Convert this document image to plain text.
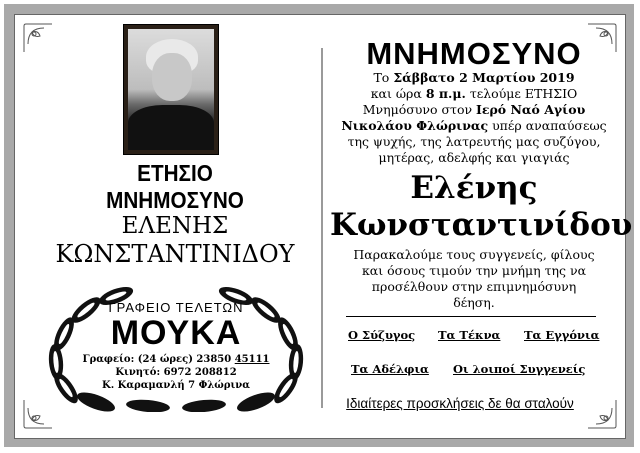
ΕΤΗΣΙΟ
ΜΝΗΜΟΣΥΝΟ
ΕΛΕΝΗΣ
ΚΩΝΣΤΑΝΤΙΝΙΔΟΥ
ΓΡΑΦΕΙΟ ΤΕΛΕΤΩΝ
ΜΟΥΚΑ
Γραφείο: (24 ώρες) 23850 45111
Κινητό: 6972 208812
Κ. Καραμανλή 7 Φλώρινα
ΜΝΗΜΟΣΥΝΟ
Το Σάββατο 2 Μαρτίου 2019
και ώρα 8 π.μ. τελούμε ΕΤΗΣΙΟ
Μνημόσυνο στον Ιερό Ναό Αγίου
Νικολάου Φλώρινας υπέρ αναπαύσεως
της ψυχής, της λατρευτής μας συζύγου,
μητέρας, αδελφής και γιαγιάς
Ελένης
Κωνσταντινίδου
Παρακαλούμε τους συγγενείς, φίλους
και όσους τιμούν την μνήμη της να
προσέλθουν στην επιμνημόσυνη
δέηση.
Ο Σύζυγος Τα Τέκνα Τα Εγγόνια
Τα Αδέλφια Οι λοιποί Συγγενείς
Ιδιαίτερες προσκλήσεις δε θα σταλούν
